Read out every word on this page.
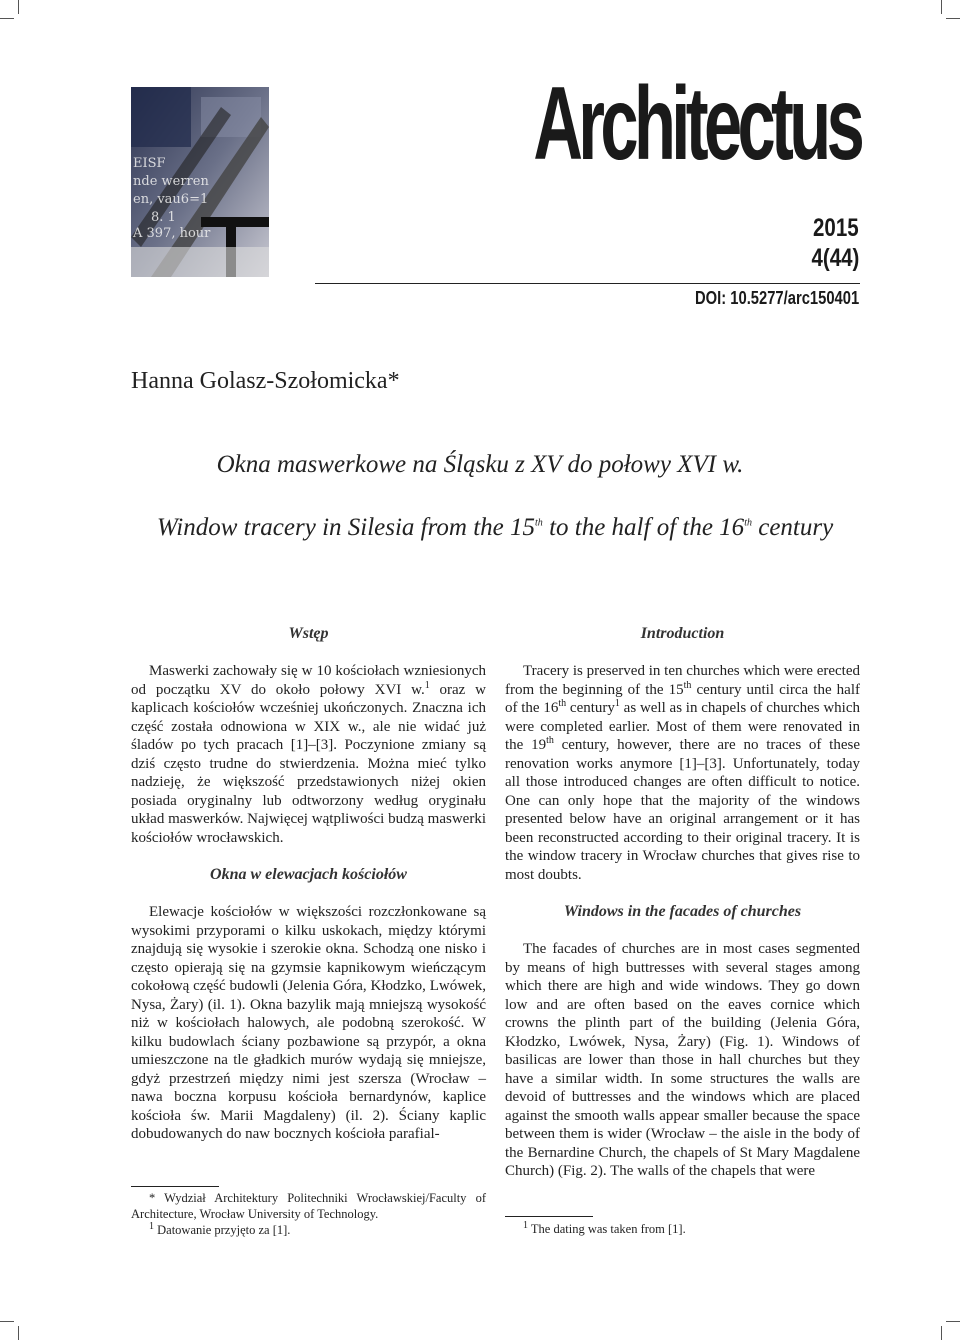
EISF
nde werren
en, vau6=1
8. 1
A 397, hour
Architectus
2015
4(44)
DOI: 10.5277/arc150401
Hanna Golasz-Szołomicka*
Okna maswerkowe na Śląsku z XV do połowy XVI w.
Window tracery in Silesia from the 15th to the half of the 16th century
Wstęp

Maswerki zachowały się w 10 kościołach wzniesionych od początku XV do około połowy XVI w.$^1$ oraz w kaplicach kościołów wcześniej ukończonych. Znaczna ich część została odnowiona w XIX w., ale nie widać już śladów po tych pracach [1]–[3]. Poczynione zmiany są dziś często trudne do stwierdzenia. Można mieć tylko nadzieję, że większość przedstawionych niżej okien posiada oryginalny lub odtworzony według oryginału układ maswerków. Najwięcej wątpliwości budzą maswerki kościołów wrocławskich.

Okna w elewacjach kościołów

Elewacje kościołów w większości rozczłonkowane są wysokimi przyporami o kilku uskokach, między którymi znajdują się wysokie i szerokie okna. Schodzą one nisko i często opierają się na gzymsie kapnikowym wieńczącym cokołową część budowli (Jelenia Góra, Kłodzko, Lwówek, Nysa, Żary) (il. 1). Okna bazylik mają mniejszą wysokość niż w kościołach halowych, ale podobną szerokość. W kilku budowlach ściany pozbawione są przypór, a okna umieszczone na tle gładkich murów wydają się mniejsze, gdyż przestrzeń między nimi jest szersza (Wrocław – nawa boczna korpusu kościoła bernardynów, kaplice kościoła św. Marii Magdaleny) (il. 2). Ściany kaplic dobudowanych do naw bocznych kościoła parafial-

* Wydział Architektury Politechniki Wrocławskiej/Faculty of Architecture, Wrocław University of Technology.

$^1$ Datowanie przyjęto za [1].

Introduction

Tracery is preserved in ten churches which were erected from the beginning of the 15th century until circa the half of the 16th century$^1$ as well as in chapels of churches which were completed earlier. Most of them were renovated in the 19th century, however, there are no traces of these renovation works anymore [1]–[3]. Unfortunately, today all those introduced changes are often difficult to notice. One can only hope that the majority of the windows presented below have an original arrangement or it has been reconstructed according to their original tracery. It is the window tracery in Wrocław churches that gives rise to most doubts.

Windows in the facades of churches

The facades of churches are in most cases segmented by means of high buttresses with several stages among which there are high and wide windows. They go down low and are often based on the eaves cornice which crowns the plinth part of the building (Jelenia Góra, Kłodzko, Lwówek, Nysa, Żary) (Fig. 1). Windows of basilicas are lower than those in hall churches but they have a similar width. In some structures the walls are devoid of buttresses and the windows which are placed against the smooth walls appear smaller because the space between them is wider (Wrocław – the aisle in the body of the Bernardine Church, the chapels of St Mary Magdalene Church) (Fig. 2). The walls of the chapels that were

$^1$ The dating was taken from [1].
